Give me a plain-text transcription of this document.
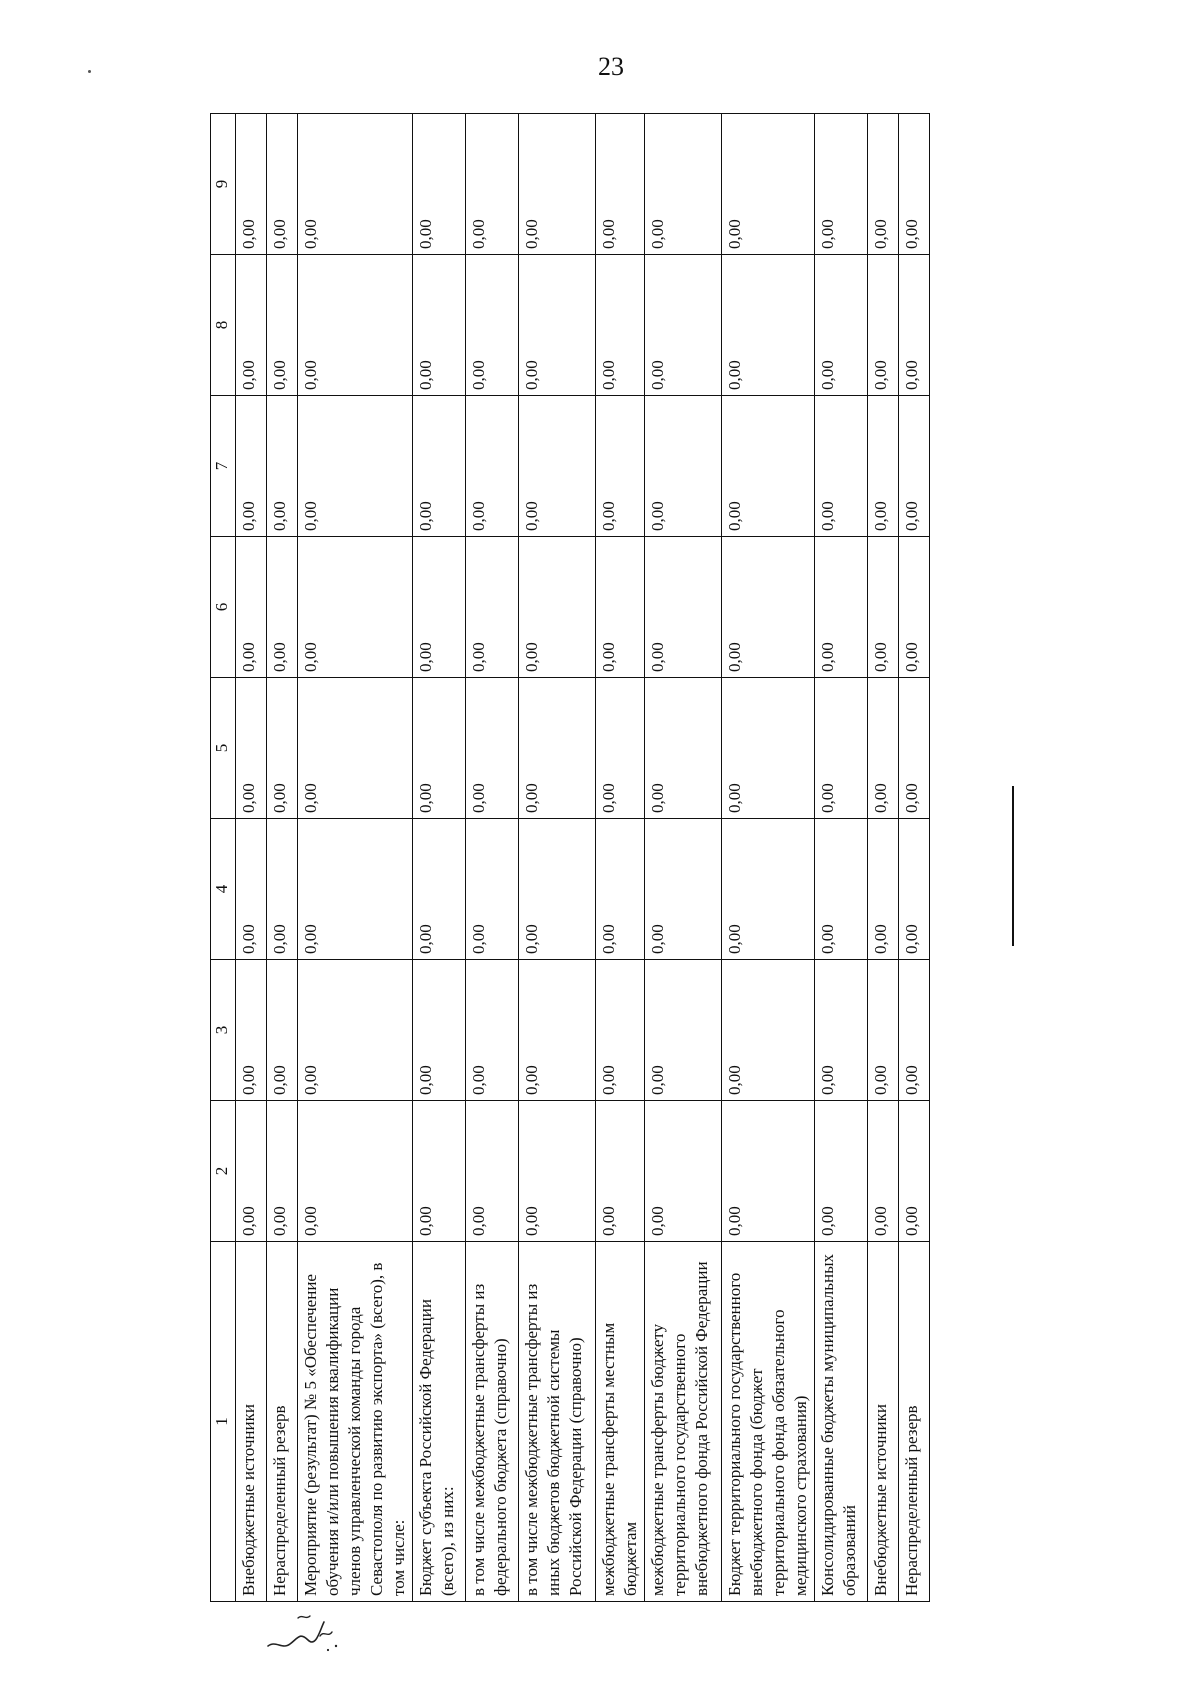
23
1	2	3	4	5	6	7	8	9
Внебюджетные источники	0,00	0,00	0,00	0,00	0,00	0,00	0,00	0,00
Нераспределенный резерв	0,00	0,00	0,00	0,00	0,00	0,00	0,00	0,00
Мероприятие (результат) № 5 «Обеспечение обучения и/или повышения квалификации членов управленческой команды города Севастополя по развитию экспорта» (всего), в том числе:	0,00	0,00	0,00	0,00	0,00	0,00	0,00	0,00
Бюджет субъекта Российской Федерации (всего), из них:	0,00	0,00	0,00	0,00	0,00	0,00	0,00	0,00
в том числе межбюджетные трансферты из федерального бюджета (справочно)	0,00	0,00	0,00	0,00	0,00	0,00	0,00	0,00
в том числе межбюджетные трансферты из иных бюджетов бюджетной системы Российской Федерации (справочно)	0,00	0,00	0,00	0,00	0,00	0,00	0,00	0,00
межбюджетные трансферты местным бюджетам	0,00	0,00	0,00	0,00	0,00	0,00	0,00	0,00
межбюджетные трансферты бюджету территориального государственного внебюджетного фонда Российской Федерации	0,00	0,00	0,00	0,00	0,00	0,00	0,00	0,00
Бюджет территориального государственного внебюджетного фонда (бюджет территориального фонда обязательного медицинского страхования)	0,00	0,00	0,00	0,00	0,00	0,00	0,00	0,00
Консолидированные бюджеты муниципальных образований	0,00	0,00	0,00	0,00	0,00	0,00	0,00	0,00
Внебюджетные источники	0,00	0,00	0,00	0,00	0,00	0,00	0,00	0,00
Нераспределенный резерв	0,00	0,00	0,00	0,00	0,00	0,00	0,00	0,00
